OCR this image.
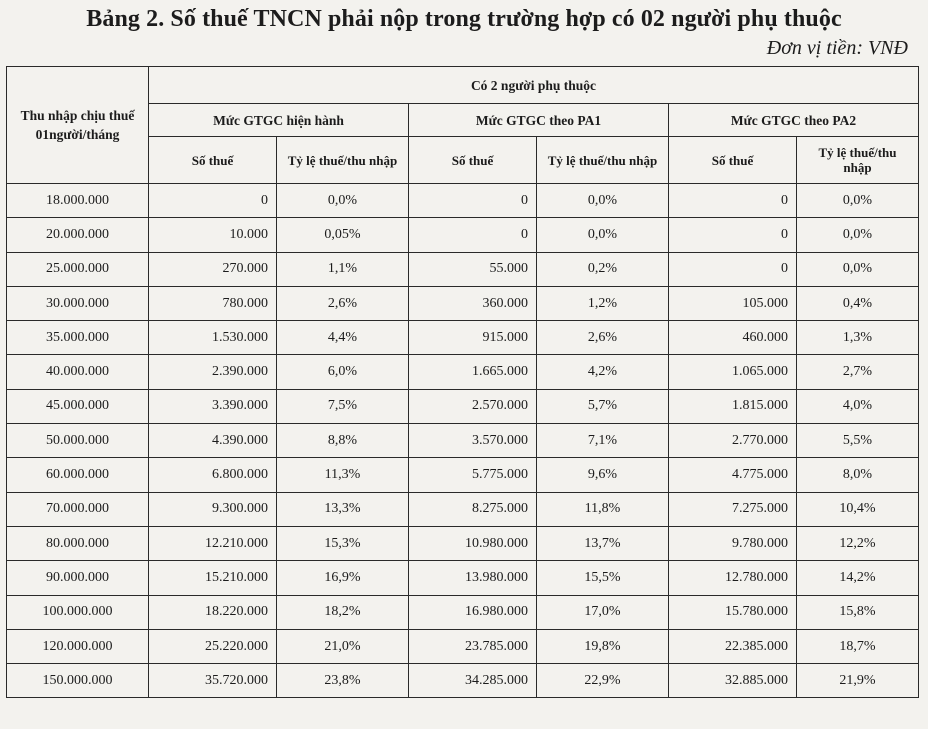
Bảng 2. Số thuế TNCN phải nộp trong trường hợp có 02 người phụ thuộc
Đơn vị tiền: VNĐ
Thu nhập chịu thuế 01người/tháng	Có 2 người phụ thuộc					
	Mức GTGC hiện hành		Mức GTGC theo PA1		Mức GTGC theo PA2	
	Số thuế	Tỷ lệ thuế/thu nhập	Số thuế	Tỷ lệ thuế/thu nhập	Số thuế	Tỷ lệ thuế/thu nhập
18.000.000	0	0,0%	0	0,0%	0	0,0%
20.000.000	10.000	0,05%	0	0,0%	0	0,0%
25.000.000	270.000	1,1%	55.000	0,2%	0	0,0%
30.000.000	780.000	2,6%	360.000	1,2%	105.000	0,4%
35.000.000	1.530.000	4,4%	915.000	2,6%	460.000	1,3%
40.000.000	2.390.000	6,0%	1.665.000	4,2%	1.065.000	2,7%
45.000.000	3.390.000	7,5%	2.570.000	5,7%	1.815.000	4,0%
50.000.000	4.390.000	8,8%	3.570.000	7,1%	2.770.000	5,5%
60.000.000	6.800.000	11,3%	5.775.000	9,6%	4.775.000	8,0%
70.000.000	9.300.000	13,3%	8.275.000	11,8%	7.275.000	10,4%
80.000.000	12.210.000	15,3%	10.980.000	13,7%	9.780.000	12,2%
90.000.000	15.210.000	16,9%	13.980.000	15,5%	12.780.000	14,2%
100.000.000	18.220.000	18,2%	16.980.000	17,0%	15.780.000	15,8%
120.000.000	25.220.000	21,0%	23.785.000	19,8%	22.385.000	18,7%
150.000.000	35.720.000	23,8%	34.285.000	22,9%	32.885.000	21,9%
